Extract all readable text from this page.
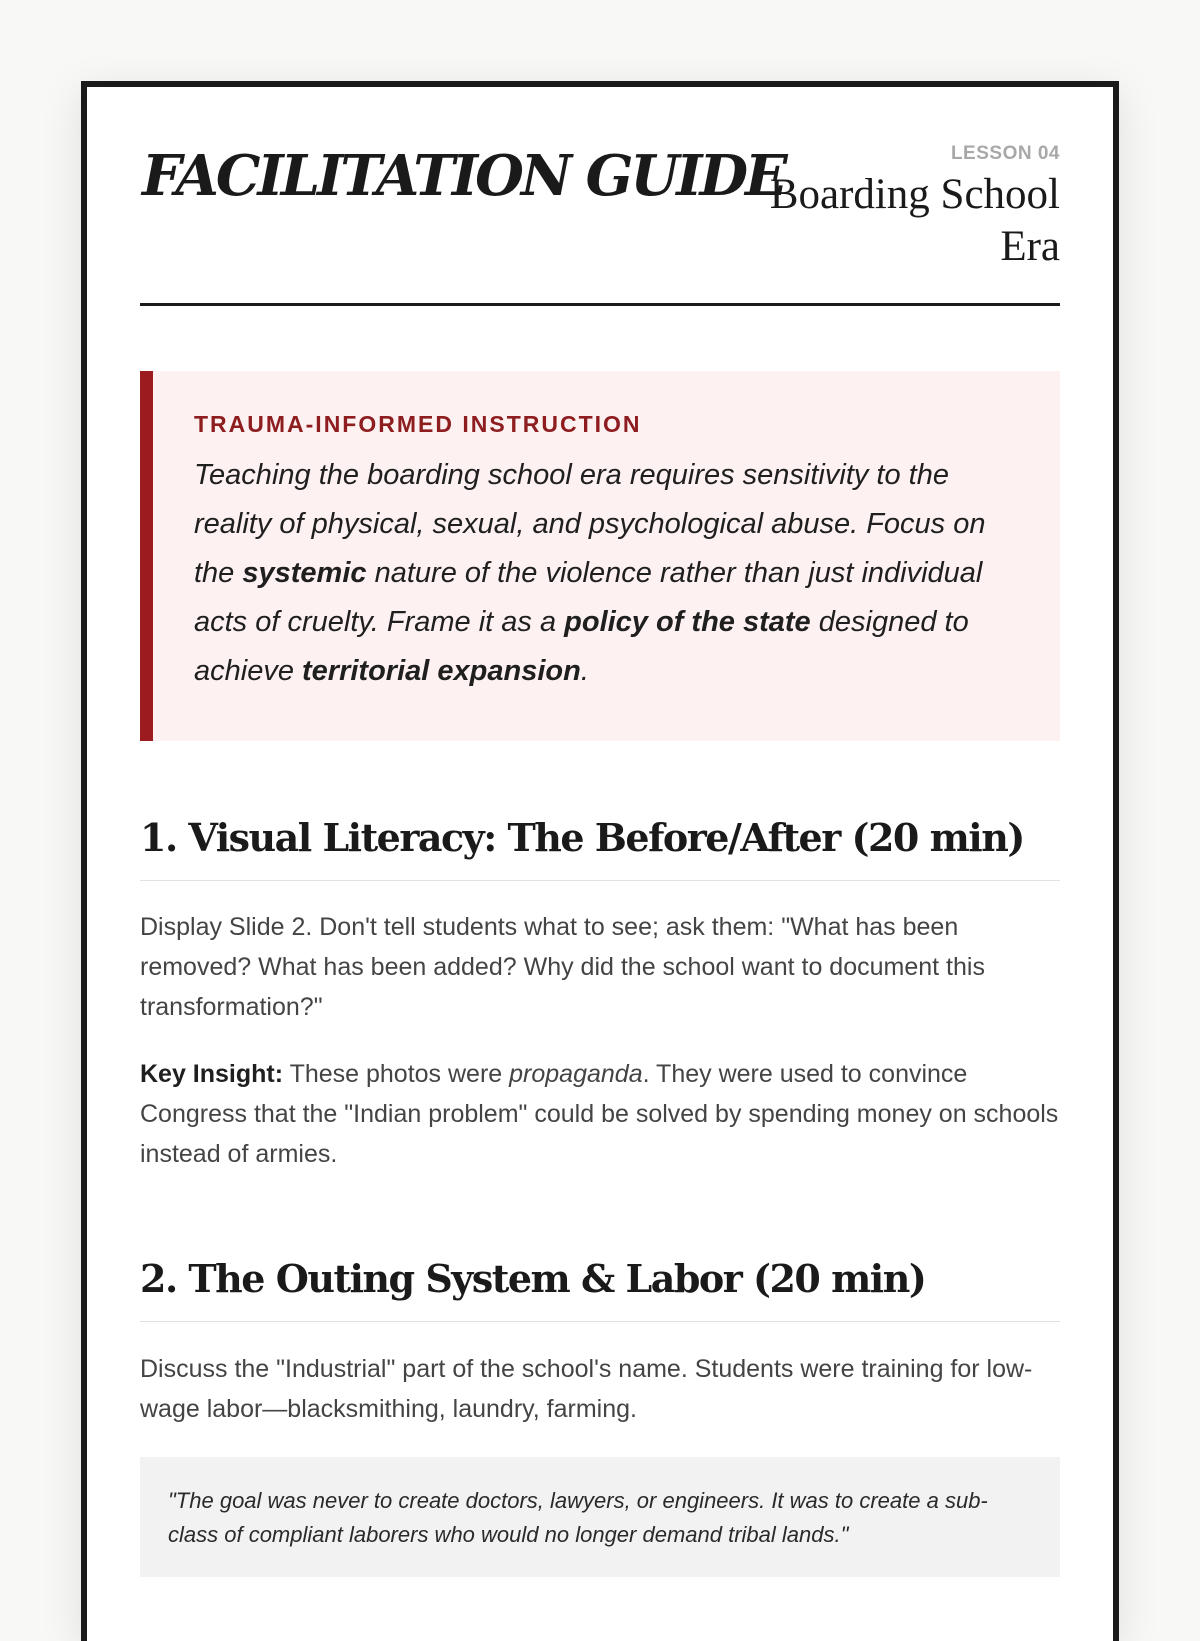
FACILITATION GUIDE	LESSON 04
Boarding School Era
TRAUMA-INFORMED INSTRUCTION

Teaching the boarding school era requires sensitivity to the reality of physical, sexual, and psychological abuse. Focus on the systemic nature of the violence rather than just individual acts of cruelty. Frame it as a policy of the state designed to achieve territorial expansion.

1. Visual Literacy: The Before/After (20 min)

Display Slide 2. Don't tell students what to see; ask them: "What has been removed? What has been added? Why did the school want to document this transformation?"

Key Insight: These photos were propaganda. They were used to convince Congress that the "Indian problem" could be solved by spending money on schools instead of armies.

2. The Outing System & Labor (20 min)

Discuss the "Industrial" part of the school's name. Students were training for low-wage labor—blacksmithing, laundry, farming.

"The goal was never to create doctors, lawyers, or engineers. It was to create a sub-class of compliant laborers who would no longer demand tribal lands."
